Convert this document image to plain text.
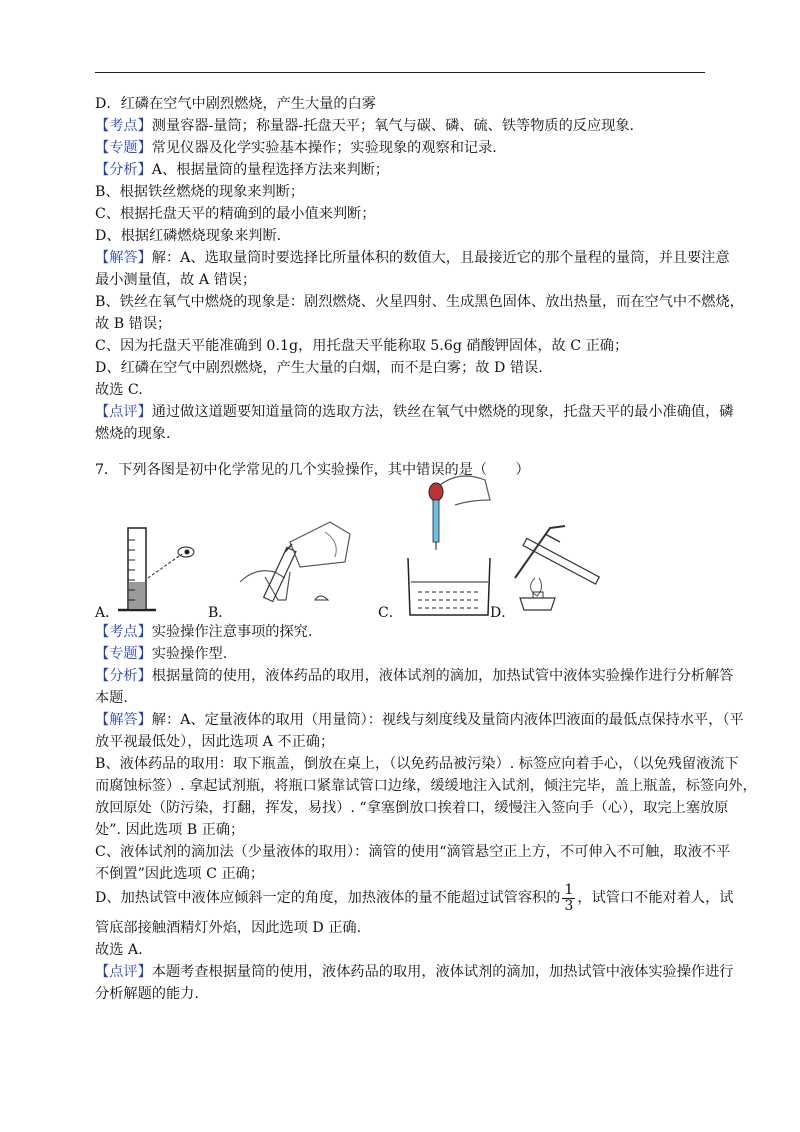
D．红磷在空气中剧烈燃烧，产生大量的白雾
【考点】测量容器-量筒；称量器-托盘天平；氧气与碳、磷、硫、铁等物质的反应现象.
【专题】常见仪器及化学实验基本操作；实验现象的观察和记录.
【分析】A、根据量筒的量程选择方法来判断；
B、根据铁丝燃烧的现象来判断；
C、根据托盘天平的精确到的最小值来判断；
D、根据红磷燃烧现象来判断.
【解答】解：A、选取量筒时要选择比所量体积的数值大，且最接近它的那个量程的量筒，并且要注意
最小测量值，故 A 错误；
B、铁丝在氧气中燃烧的现象是：剧烈燃烧、火星四射、生成黑色固体、放出热量，而在空气中不燃烧，
故 B 错误；
C、因为托盘天平能准确到 0.1g，用托盘天平能称取 5.6g 硝酸钾固体，故 C 正确；
D、红磷在空气中剧烈燃烧，产生大量的白烟，而不是白雾；故 D 错误.
故选 C.
【点评】通过做这道题要知道量筒的选取方法，铁丝在氧气中燃烧的现象，托盘天平的最小准确值，磷
燃烧的现象.
7．下列各图是初中化学常见的几个实验操作，其中错误的是（　　）
A．	B．	C．	D．
【考点】实验操作注意事项的探究.
【专题】实验操作型.
【分析】根据量筒的使用，液体药品的取用，液体试剂的滴加，加热试管中液体实验操作进行分析解答
本题.
【解答】解：A、定量液体的取用（用量筒）：视线与刻度线及量筒内液体凹液面的最低点保持水平，（平
放平视最低处），因此选项 A 不正确；
B、液体药品的取用：取下瓶盖，倒放在桌上，（以免药品被污染）. 标签应向着手心，（以免残留液流下
而腐蚀标签）. 拿起试剂瓶，将瓶口紧靠试管口边缘，缓缓地注入试剂，倾注完毕，盖上瓶盖，标签向外，
放回原处（防污染，打翻，挥发，易找）. “拿塞倒放口挨着口，缓慢注入签向手（心），取完上塞放原
处”. 因此选项 B 正确；
C、液体试剂的滴加法（少量液体的取用）：滴管的使用“滴管悬空正上方，不可伸入不可触，取液不平
不倒置”因此选项 C 正确；
D、加热试管中液体应倾斜一定的角度，加热液体的量不能超过试管容积的 $\frac{1}{3}$ ，试管口不能对着人，试
管底部接触酒精灯外焰，因此选项 D 正确.
故选 A.
【点评】本题考查根据量筒的使用，液体药品的取用，液体试剂的滴加，加热试管中液体实验操作进行
分析解题的能力.
